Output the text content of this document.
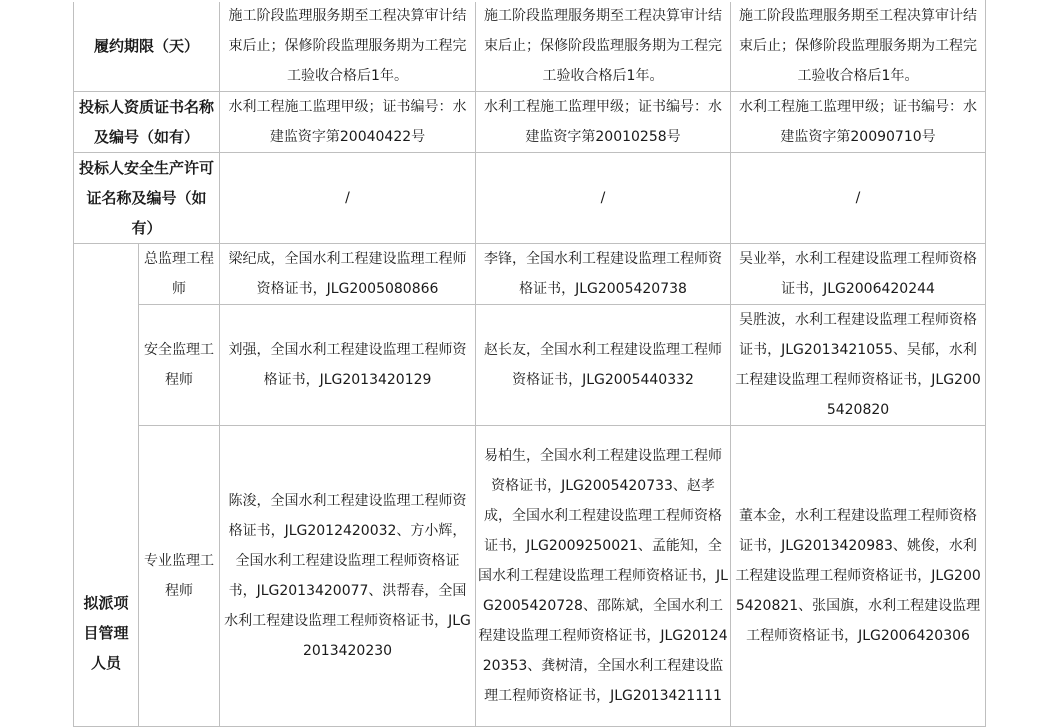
履约期限（天）		施工阶段监理服务期至工程决算审计结束后止；保修阶段监理服务期为工程完工验收合格后1年。	施工阶段监理服务期至工程决算审计结束后止；保修阶段监理服务期为工程完工验收合格后1年。	施工阶段监理服务期至工程决算审计结束后止；保修阶段监理服务期为工程完工验收合格后1年。
投标人资质证书名称及编号（如有）		水利工程施工监理甲级；证书编号：水建监资字第20040422号	水利工程施工监理甲级；证书编号：水建监资字第20010258号	水利工程施工监理甲级；证书编号：水建监资字第20090710号
投标人安全生产许可证名称及编号（如有）		/	/	/
拟派项目管理人员	总监理工程师	梁纪成，全国水利工程建设监理工程师资格证书，JLG2005080866	李锋，全国水利工程建设监理工程师资格证书，JLG2005420738	吴业举，水利工程建设监理工程师资格证书，JLG2006420244
	安全监理工程师	刘强，全国水利工程建设监理工程师资格证书，JLG2013420129	赵长友，全国水利工程建设监理工程师资格证书，JLG2005440332	吴胜波，水利工程建设监理工程师资格证书，JLG2013421055、吴郁，水利工程建设监理工程师资格证书，JLG2005420820
	专业监理工程师	陈浚，全国水利工程建设监理工程师资格证书，JLG2012420032、方小辉，全国水利工程建设监理工程师资格证书，JLG2013420077、洪帮春，全国水利工程建设监理工程师资格证书，JLG2013420230	易柏生，全国水利工程建设监理工程师资格证书，JLG2005420733、赵孝成，全国水利工程建设监理工程师资格证书，JLG2009250021、孟能知，全国水利工程建设监理工程师资格证书，JLG2005420728、邵陈斌，全国水利工程建设监理工程师资格证书，JLG2012420353、龚树清，全国水利工程建设监理工程师资格证书，JLG2013421111	董本金，水利工程建设监理工程师资格证书，JLG2013420983、姚俊，水利工程建设监理工程师资格证书，JLG2005420821、张国旗，水利工程建设监理工程师资格证书，JLG2006420306
